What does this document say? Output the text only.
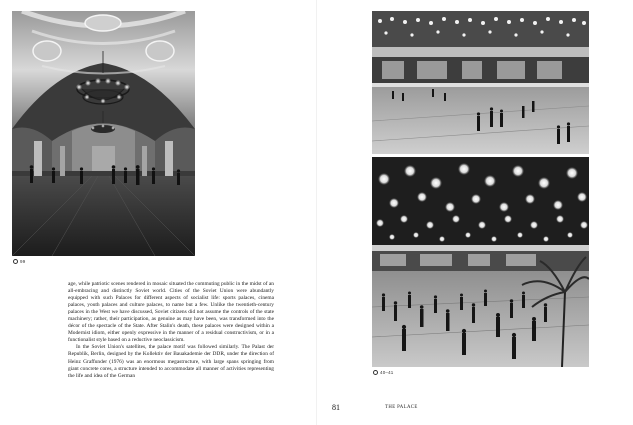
99

age, while patriotic scenes rendered in mosaic situated the commuting public in the midst of an all-embracing and distinctly Soviet world. Cities of the Soviet Union were abundantly equipped with such Palaces for different aspects of socialist life: sports palaces, cinema palaces, youth palaces and culture palaces, to name but a few. Unlike the twentieth-century palaces in the West we have discussed, Soviet citizens did not assume the controls of the state machinery; rather, their participation, as genuine as may have been, was transformed into the décor of the spectacle of the State. After Stalin's death, these palaces were designed within a Modernist idiom, either openly expressive in the manner of a residual constructivism, or in a functionalist style based on a reductive neoclassicism.

In the Soviet Union's satellites, the palace motif was followed similarly. The Palast der Republik, Berlin, designed by the Kollektiv der Bauakademie der DDR, under the direction of Heinz Graffunder (1976) was an enormous megastructure, with large spans springing from giant concrete cores, a structure intended to accommodate all manner of activities representing the life and idea of the German

40–41
81	THE PALACE
